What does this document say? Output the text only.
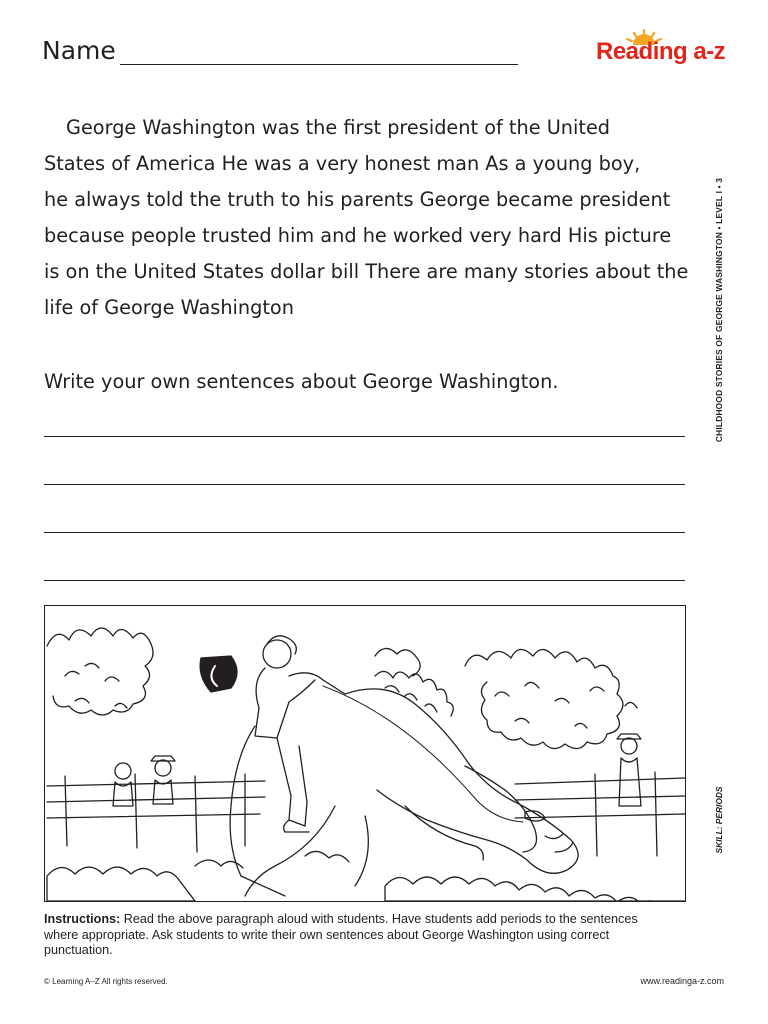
Name	Reading a-z
George Washington was the first president of the United
States of America He was a very honest man As a young boy,
he always told the truth to his parents George became president
because people trusted him and he worked very hard His picture
is on the United States dollar bill There are many stories about the
life of George Washington
Write your own sentences about George Washington.	CHILDHOOD STORIES OF GEORGE WASHINGTON • LEVEL I • 3
SKILL: PERIODS
Instructions: Read the above paragraph aloud with students. Have students add periods to the sentences
where appropriate. Ask students to write their own sentences about George Washington using correct
punctuation.
© Learning A–Z All rights reserved.	www.readinga-z.com
